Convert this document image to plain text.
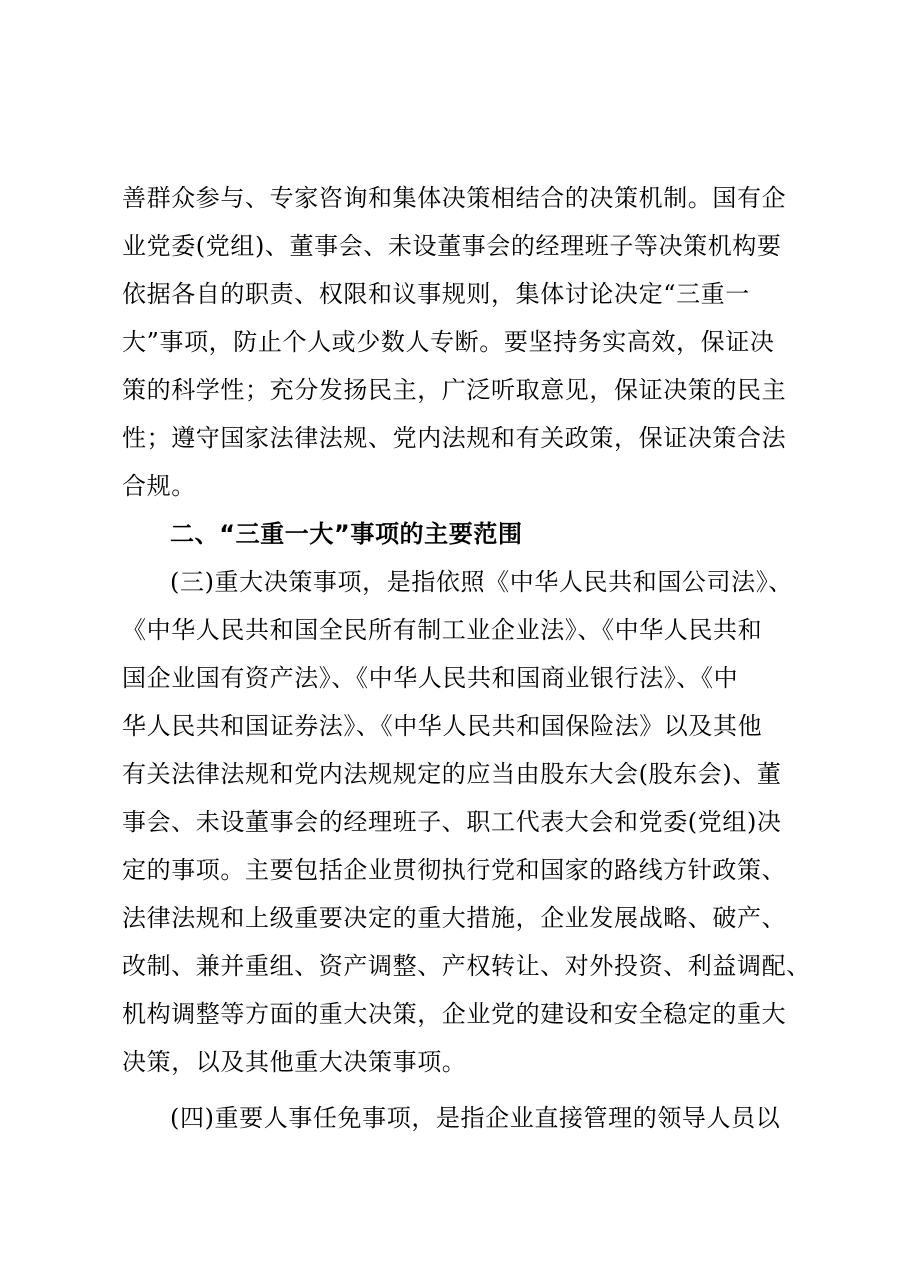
善群众参与、专家咨询和集体决策相结合的决策机制。国有企
业党委(党组)、董事会、未设董事会的经理班子等决策机构要
依据各自的职责、权限和议事规则，集体讨论决定“三重一
大”事项，防止个人或少数人专断。要坚持务实高效，保证决
策的科学性；充分发扬民主，广泛听取意见，保证决策的民主
性；遵守国家法律法规、党内法规和有关政策，保证决策合法
合规。
二、“三重一大”事项的主要范围
(三)重大决策事项，是指依照《中华人民共和国公司法》、
《中华人民共和国全民所有制工业企业法》、《中华人民共和
国企业国有资产法》、《中华人民共和国商业银行法》、《中
华人民共和国证券法》、《中华人民共和国保险法》以及其他
有关法律法规和党内法规规定的应当由股东大会(股东会)、董
事会、未设董事会的经理班子、职工代表大会和党委(党组)决
定的事项。主要包括企业贯彻执行党和国家的路线方针政策、
法律法规和上级重要决定的重大措施，企业发展战略、破产、
改制、兼并重组、资产调整、产权转让、对外投资、利益调配、
机构调整等方面的重大决策，企业党的建设和安全稳定的重大
决策，以及其他重大决策事项。
(四)重要人事任免事项，是指企业直接管理的领导人员以
